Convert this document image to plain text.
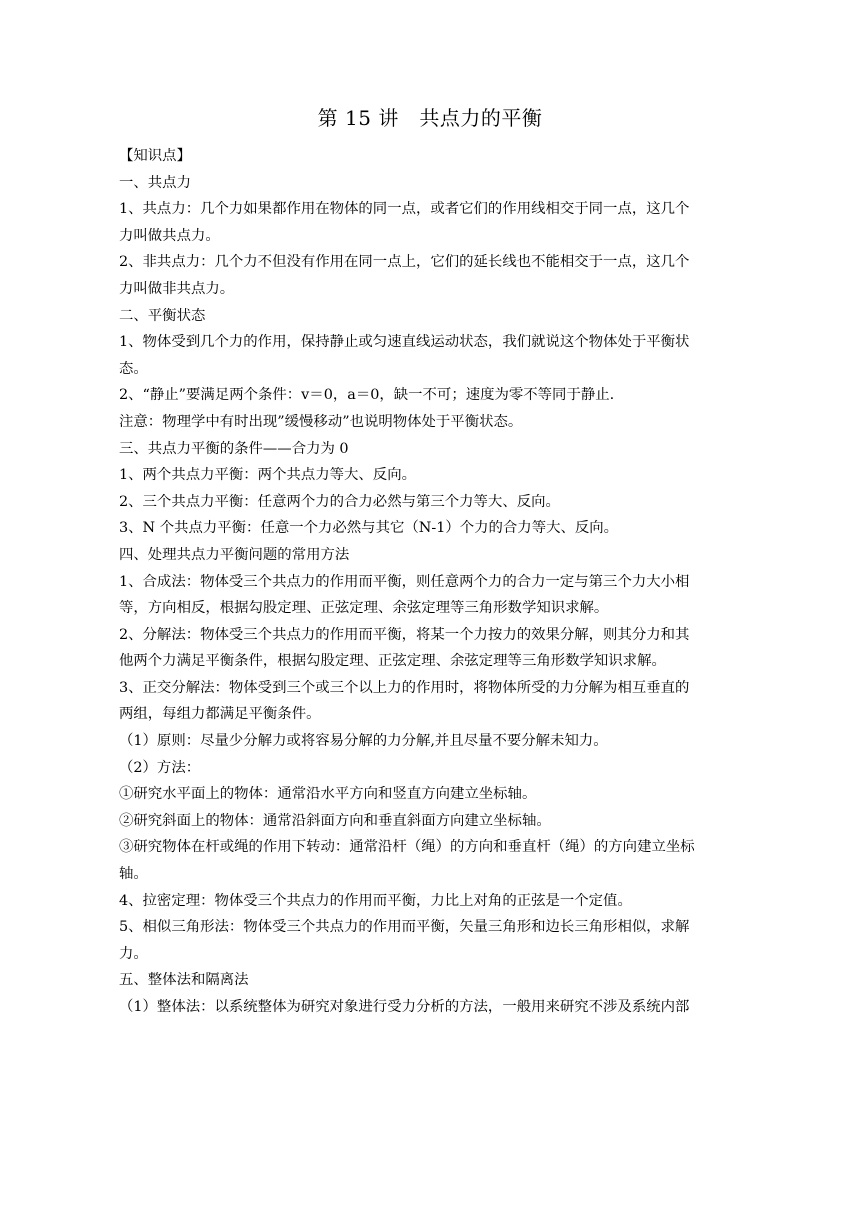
第 15 讲　共点力的平衡
【知识点】
一、共点力
1、共点力：几个力如果都作用在物体的同一点，或者它们的作用线相交于同一点，这几个
力叫做共点力。
2、非共点力：几个力不但没有作用在同一点上，它们的延长线也不能相交于一点，这几个
力叫做非共点力。
二、平衡状态
1、物体受到几个力的作用，保持静止或匀速直线运动状态，我们就说这个物体处于平衡状
态。
2、“静止”要满足两个条件：v＝0，a＝0，缺一不可；速度为零不等同于静止.
注意：物理学中有时出现”缓慢移动”也说明物体处于平衡状态。
三、共点力平衡的条件——合力为 0
1、两个共点力平衡：两个共点力等大、反向。
2、三个共点力平衡：任意两个力的合力必然与第三个力等大、反向。
3、N 个共点力平衡：任意一个力必然与其它（N-1）个力的合力等大、反向。
四、处理共点力平衡问题的常用方法
1、合成法：物体受三个共点力的作用而平衡，则任意两个力的合力一定与第三个力大小相
等，方向相反，根据勾股定理、正弦定理、余弦定理等三角形数学知识求解。
2、分解法：物体受三个共点力的作用而平衡，将某一个力按力的效果分解，则其分力和其
他两个力满足平衡条件，根据勾股定理、正弦定理、余弦定理等三角形数学知识求解。
3、正交分解法：物体受到三个或三个以上力的作用时，将物体所受的力分解为相互垂直的
两组，每组力都满足平衡条件。
（1）原则：尽量少分解力或将容易分解的力分解,并且尽量不要分解未知力。
（2）方法：
①研究水平面上的物体：通常沿水平方向和竖直方向建立坐标轴。
②研究斜面上的物体：通常沿斜面方向和垂直斜面方向建立坐标轴。
③研究物体在杆或绳的作用下转动：通常沿杆（绳）的方向和垂直杆（绳）的方向建立坐标
轴。
4、拉密定理：物体受三个共点力的作用而平衡，力比上对角的正弦是一个定值。
5、相似三角形法：物体受三个共点力的作用而平衡，矢量三角形和边长三角形相似，求解
力。
五、整体法和隔离法
（1）整体法：以系统整体为研究对象进行受力分析的方法，一般用来研究不涉及系统内部
